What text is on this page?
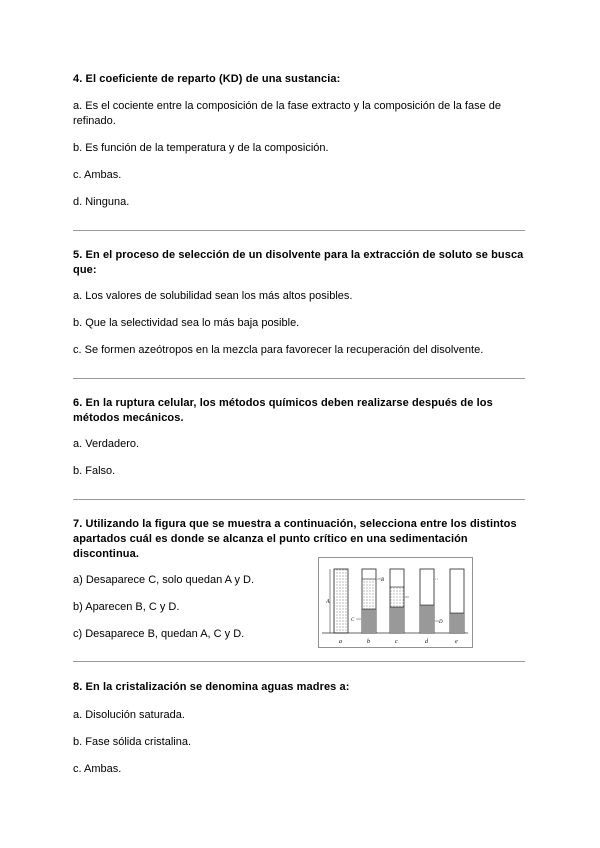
4. El coeficiente de reparto (KD) de una sustancia:
a. Es el cociente entre la composición de la fase extracto y la composición de la fase de refinado.
b. Es función de la temperatura y de la composición.
c. Ambas.
d. Ninguna.
5. En el proceso de selección de un disolvente para la extracción de soluto se busca que:
a. Los valores de solubilidad sean los más altos posibles.
b. Que la selectividad sea lo más baja posible.
c. Se formen azeótropos en la mezcla para favorecer la recuperación del disolvente.
6. En la ruptura celular, los métodos químicos deben realizarse después de los métodos mecánicos.
a. Verdadero.
b. Falso.
7. Utilizando la figura que se muestra a continuación, selecciona entre los distintos apartados cuál es donde se alcanza el punto crítico en una sedimentación discontinua.
a) Desaparece C, solo quedan A y D.
b) Aparecen B, C y D.
c) Desaparece B, quedan A, C y D.
A
a
B
C
b	c
D
d	e
8. En la cristalización se denomina aguas madres a:
a. Disolución saturada.
b. Fase sólida cristalina.
c. Ambas.
